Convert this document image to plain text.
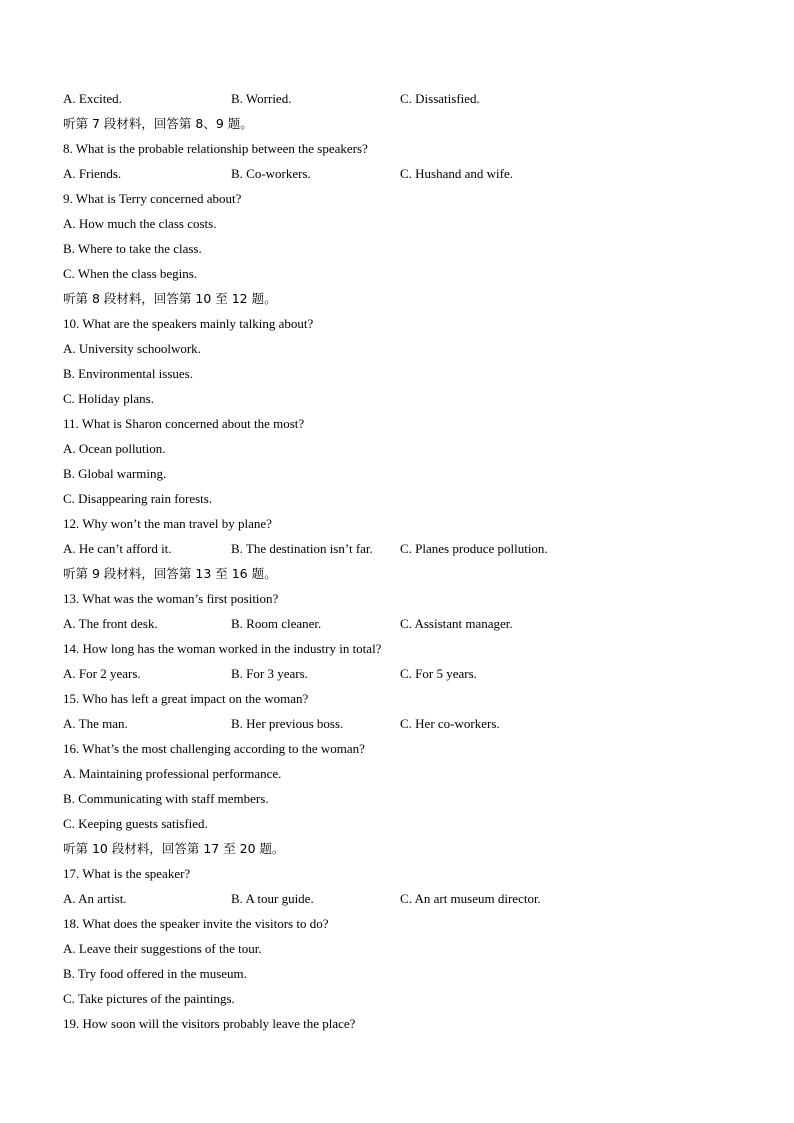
A. Excited.	B. Worried.	C. Dissatisfied.
听第 7 段材料，回答第 8、9 题。
8. What is the probable relationship between the speakers?
A. Friends.	B. Co-workers.	C. Hushand and wife.
9. What is Terry concerned about?
A. How much the class costs.
B. Where to take the class.
C. When the class begins.
听第 8 段材料，回答第 10 至 12 题。
10. What are the speakers mainly talking about?
A. University schoolwork.
B. Environmental issues.
C. Holiday plans.
11. What is Sharon concerned about the most?
A. Ocean pollution.
B. Global warming.
C. Disappearing rain forests.
12. Why won’t the man travel by plane?
A. He can’t afford it.	B. The destination isn’t far. C. Planes produce pollution.
听第 9 段材料，回答第 13 至 16 题。
13. What was the woman’s first position?
A. The front desk.	B. Room cleaner.	C. Assistant manager.
14. How long has the woman worked in the industry in total?
A. For 2 years.	B. For 3 years.	C. For 5 years.
15. Who has left a great impact on the woman?
A. The man.	B. Her previous boss.	C. Her co-workers.
16. What’s the most challenging according to the woman?
A. Maintaining professional performance.
B. Communicating with staff members.
C. Keeping guests satisfied.
听第 10 段材料，回答第 17 至 20 题。
17. What is the speaker?
A. An artist.	B. A tour guide.	C. An art museum director.
18. What does the speaker invite the visitors to do?
A. Leave their suggestions of the tour.
B. Try food offered in the museum.
C. Take pictures of the paintings.
19. How soon will the visitors probably leave the place?
